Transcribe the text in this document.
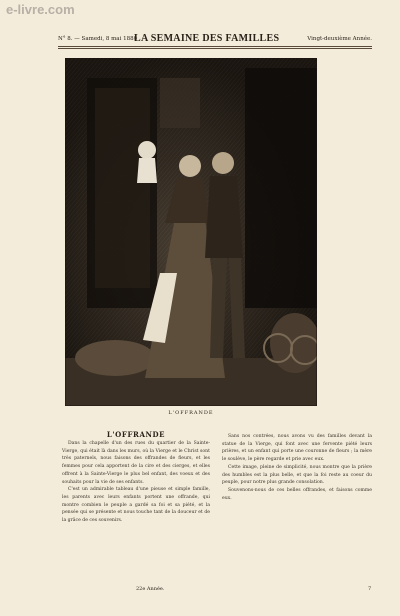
e-livre.com
N° 8. — Samedi, 8 mai 1880
LA SEMAINE DES FAMILLES	Vingt-deuxième Année.
L'OFFRANDE
L'OFFRANDE

Dans la chapelle d'un des rues du quartier de la Sainte-Vierge, qui était là dans les murs, où la Vierge et le Christ sont très paternels, nous faisons des offrandes de fleurs, et les femmes pour cela apportent de la cire et des cierges, et elles offrent à la Sainte-Vierge le plus bel enfant, des voeux et des souhaits pour la vie de ses enfants.

C'est un admirable tableau d'une pieuse et simple famille, les parents avec leurs enfants portent une offrande, qui montre combien le peuple a gardé sa foi et sa piété, et la pensée qui se présente et nous touche tant de la douceur et de la grâce de ces souvenirs.

Sans nos contrées, nous avons vu des familles devant la statue de la Vierge, qui font avec une fervente piété leurs prières, et un enfant qui porte une couronne de fleurs ; la mère le soulève, le père regarde et prie avec eux.

Cette image, pleine de simplicité, nous montre que la prière des humbles est la plus belle, et que la foi reste au coeur du peuple, pour notre plus grande consolation.

Souvenons-nous de ces belles offrandes, et faisons comme eux.

22e Année.	7
